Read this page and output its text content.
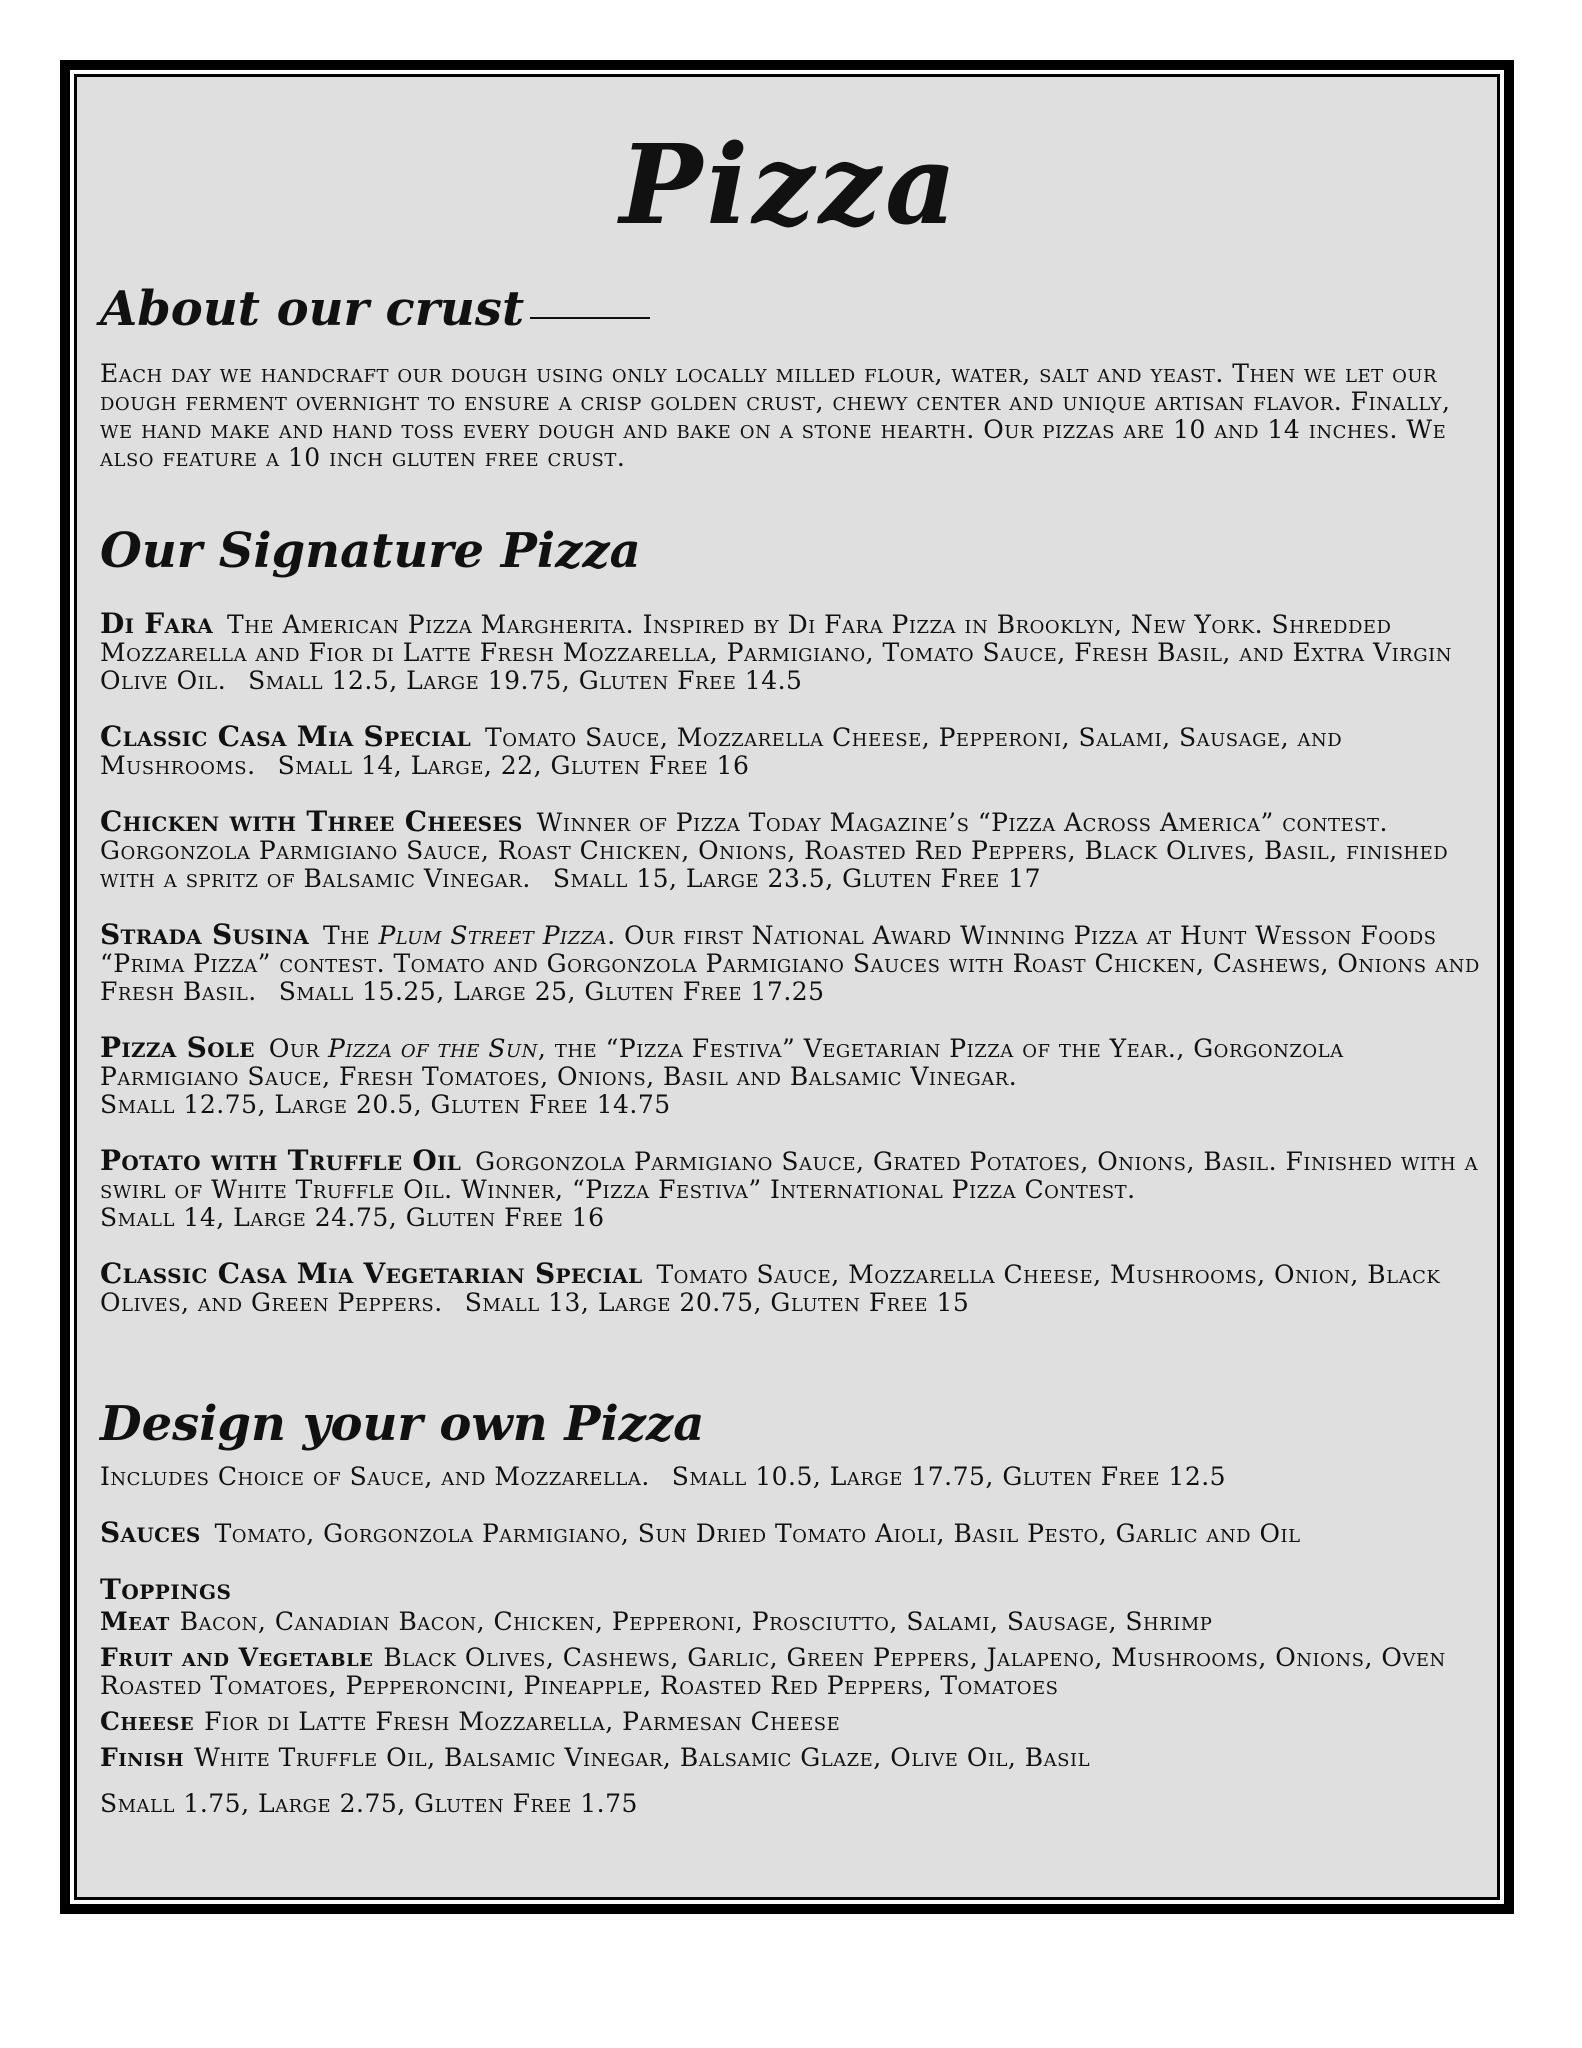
Pizza
About our crust

Each day we handcraft our dough using only locally milled flour, water, salt and yeast. Then we let our dough ferment overnight to ensure a crisp golden crust, chewy center and unique artisan flavor. Finally, we hand make and hand toss every dough and bake on a stone hearth. Our pizzas are 10 and 14 inches. We also feature a 10 inch gluten free crust.

Our Signature Pizza

Di Fara The American Pizza Margherita. Inspired by Di Fara Pizza in Brooklyn, New York. Shredded Mozzarella and Fior di Latte Fresh Mozzarella, Parmigiano, Tomato Sauce, Fresh Basil, and Extra Virgin Olive Oil. Small 12.5, Large 19.75, Gluten Free 14.5

Classic Casa Mia Special Tomato Sauce, Mozzarella Cheese, Pepperoni, Salami, Sausage, and Mushrooms. Small 14, Large, 22, Gluten Free 16

Chicken with Three Cheeses Winner of Pizza Today Magazine’s “Pizza Across America” contest. Gorgonzola Parmigiano Sauce, Roast Chicken, Onions, Roasted Red Peppers, Black Olives, Basil, finished with a spritz of Balsamic Vinegar. Small 15, Large 23.5, Gluten Free 17

Strada Susina The Plum Street Pizza. Our first National Award Winning Pizza at Hunt Wesson Foods “Prima Pizza” contest. Tomato and Gorgonzola Parmigiano Sauces with Roast Chicken, Cashews, Onions and Fresh Basil. Small 15.25, Large 25, Gluten Free 17.25

Pizza Sole Our Pizza of the Sun, the “Pizza Festiva” Vegetarian Pizza of the Year., Gorgonzola Parmigiano Sauce, Fresh Tomatoes, Onions, Basil and Balsamic Vinegar.
Small 12.75, Large 20.5, Gluten Free 14.75

Potato with Truffle Oil Gorgonzola Parmigiano Sauce, Grated Potatoes, Onions, Basil. Finished with a swirl of White Truffle Oil. Winner, “Pizza Festiva” International Pizza Contest.
Small 14, Large 24.75, Gluten Free 16

Classic Casa Mia Vegetarian Special Tomato Sauce, Mozzarella Cheese, Mushrooms, Onion, Black Olives, and Green Peppers. Small 13, Large 20.75, Gluten Free 15

Design your own Pizza

Includes Choice of Sauce, and Mozzarella. Small 10.5, Large 17.75, Gluten Free 12.5

Sauces Tomato, Gorgonzola Parmigiano, Sun Dried Tomato Aioli, Basil Pesto, Garlic and Oil

Toppings

Meat Bacon, Canadian Bacon, Chicken, Pepperoni, Prosciutto, Salami, Sausage, Shrimp

Fruit and Vegetable Black Olives, Cashews, Garlic, Green Peppers, Jalapeno, Mushrooms, Onions, Oven Roasted Tomatoes, Pepperoncini, Pineapple, Roasted Red Peppers, Tomatoes

Cheese Fior di Latte Fresh Mozzarella, Parmesan Cheese

Finish White Truffle Oil, Balsamic Vinegar, Balsamic Glaze, Olive Oil, Basil

Small 1.75, Large 2.75, Gluten Free 1.75
